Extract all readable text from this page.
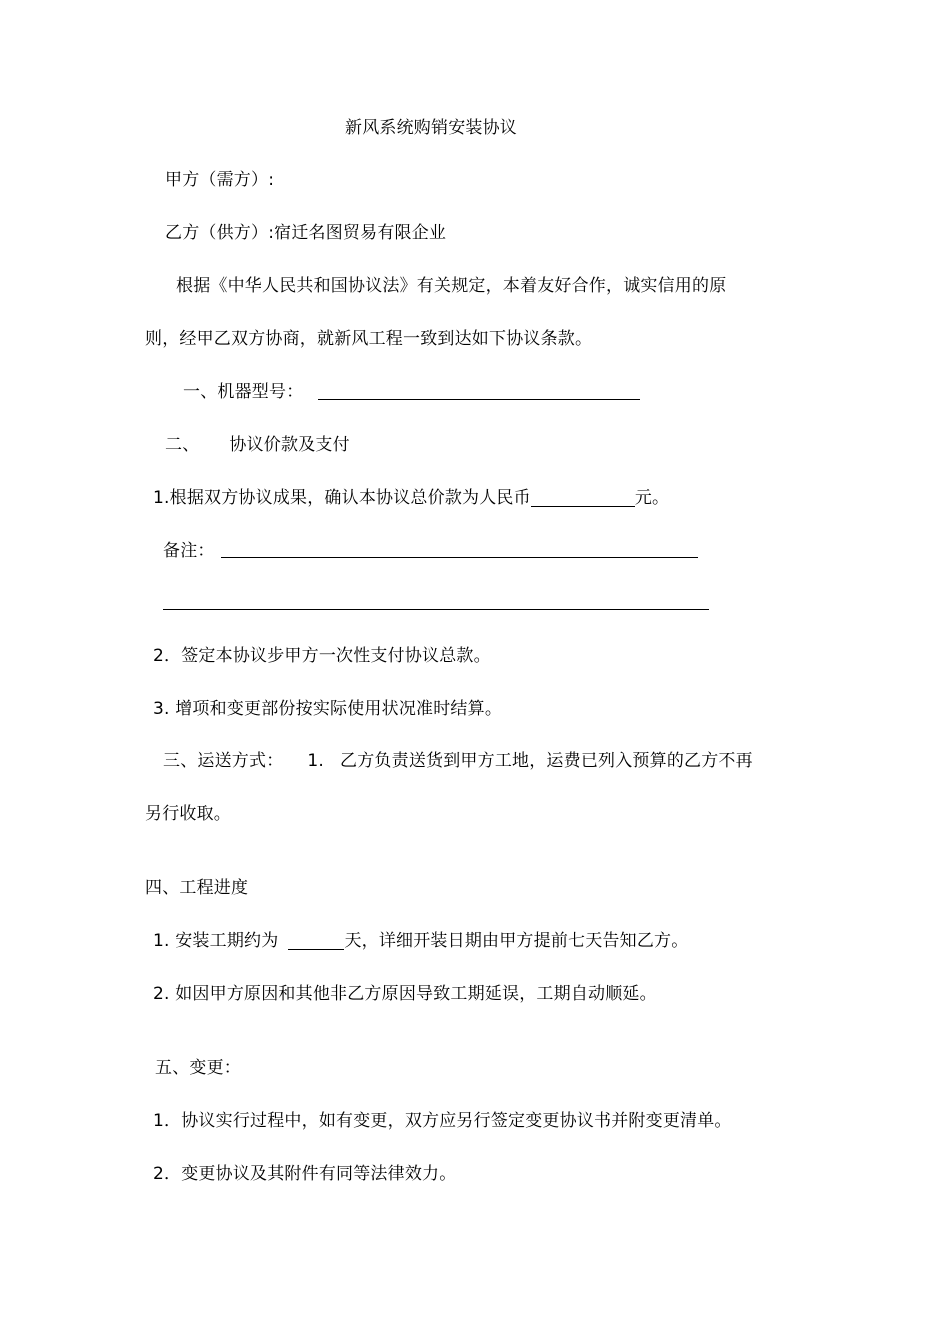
新风系统购销安装协议
甲方（需方）:
乙方（供方）:宿迁名图贸易有限企业
根据《中华人民共和国协议法》有关规定，本着友好合作，诚实信用的原
则，经甲乙双方协商，就新风工程一致到达如下协议条款。
一、机器型号：
二、 协议价款及支付
1.根据双方协议成果，确认本协议总价款为人民币	元。
备注：
2．签定本协议步甲方一次性支付协议总款。
3. 增项和变更部份按实际使用状况准时结算。
三、运送方式： 1. 乙方负责送货到甲方工地，运费已列入预算的乙方不再
另行收取。
四、工程进度
1. 安装工期约为	天，详细开装日期由甲方提前七天告知乙方。
2. 如因甲方原因和其他非乙方原因导致工期延误，工期自动顺延。
五、变更：
1．协议实行过程中，如有变更，双方应另行签定变更协议书并附变更清单。
2．变更协议及其附件有同等法律效力。
